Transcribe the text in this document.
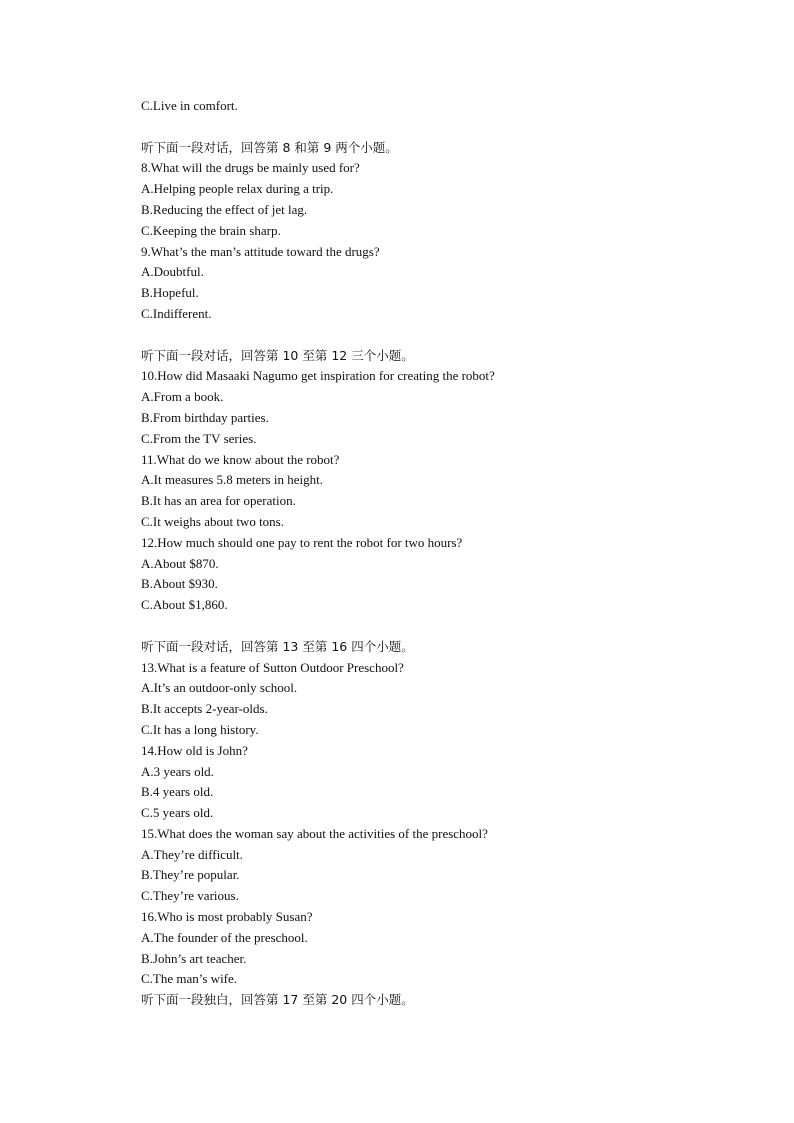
C.Live in comfort.
听下面一段对话，回答第 8 和第 9 两个小题。
8.What will the drugs be mainly used for?
A.Helping people relax during a trip.
B.Reducing the effect of jet lag.
C.Keeping the brain sharp.
9.What’s the man’s attitude toward the drugs?
A.Doubtful.
B.Hopeful.
C.Indifferent.
听下面一段对话，回答第 10 至第 12 三个小题。
10.How did Masaaki Nagumo get inspiration for creating the robot?
A.From a book.
B.From birthday parties.
C.From the TV series.
11.What do we know about the robot?
A.It measures 5.8 meters in height.
B.It has an area for operation.
C.It weighs about two tons.
12.How much should one pay to rent the robot for two hours?
A.About $870.
B.About $930.
C.About $1,860.
听下面一段对话，回答第 13 至第 16 四个小题。
13.What is a feature of Sutton Outdoor Preschool?
A.It’s an outdoor-only school.
B.It accepts 2-year-olds.
C.It has a long history.
14.How old is John?
A.3 years old.
B.4 years old.
C.5 years old.
15.What does the woman say about the activities of the preschool?
A.They’re difficult.
B.They’re popular.
C.They’re various.
16.Who is most probably Susan?
A.The founder of the preschool.
B.John’s art teacher.
C.The man’s wife.
听下面一段独白，回答第 17 至第 20 四个小题。
